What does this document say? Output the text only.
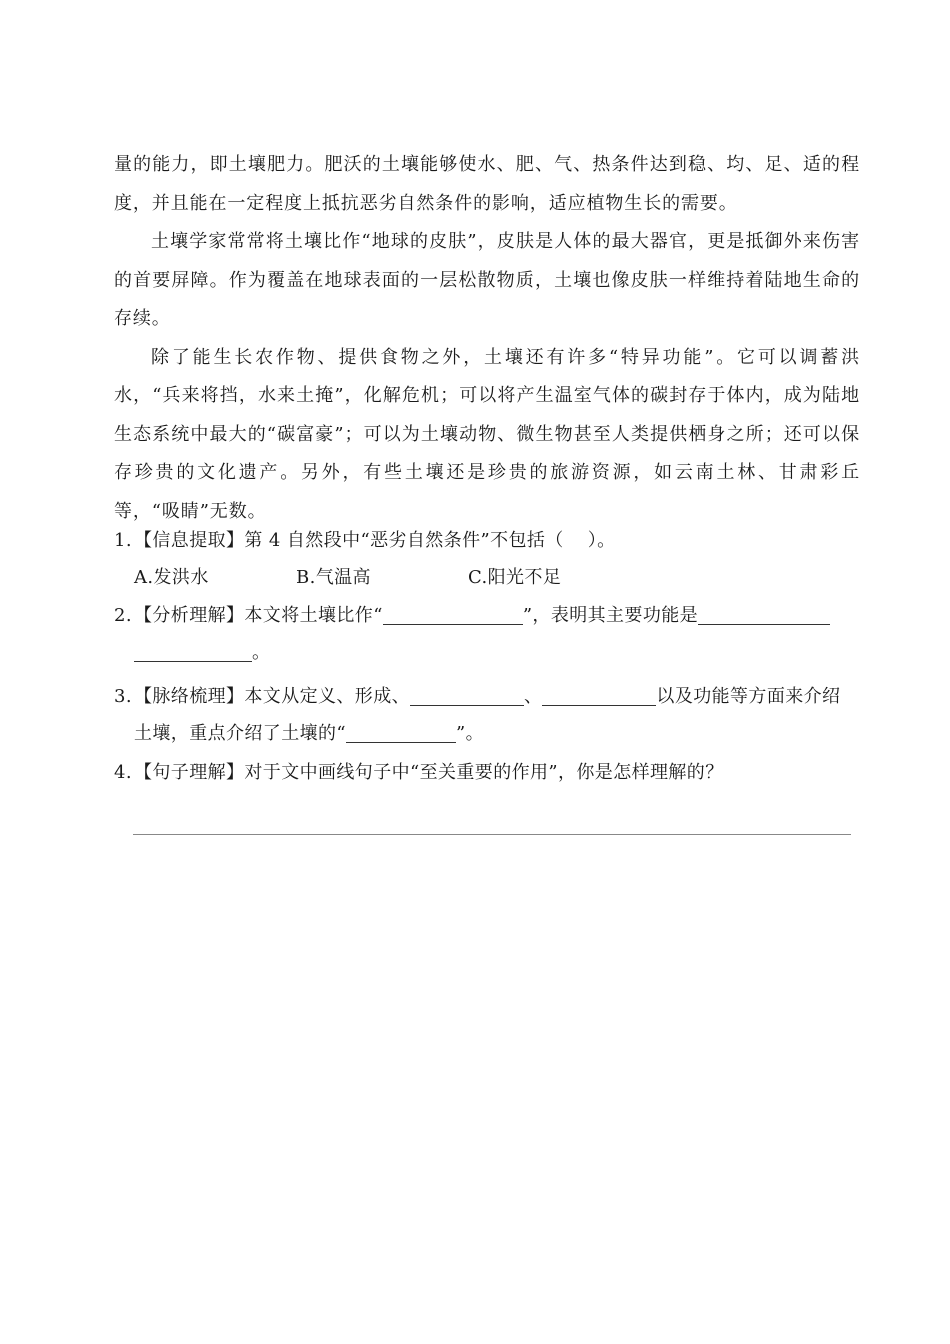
量的能力，即土壤肥力。肥沃的土壤能够使水、肥、气、热条件达到稳、均、足、适的程度，并且能在一定程度上抵抗恶劣自然条件的影响，适应植物生长的需要。

土壤学家常常将土壤比作“地球的皮肤”，皮肤是人体的最大器官，更是抵御外来伤害的首要屏障。作为覆盖在地球表面的一层松散物质，土壤也像皮肤一样维持着陆地生命的存续。

除了能生长农作物、提供食物之外，土壤还有许多“特异功能”。它可以调蓄洪水，“兵来将挡，水来土掩”，化解危机；可以将产生温室气体的碳封存于体内，成为陆地生态系统中最大的“碳富豪”；可以为土壤动物、微生物甚至人类提供栖身之所；还可以保存珍贵的文化遗产。另外，有些土壤还是珍贵的旅游资源，如云南土林、甘肃彩丘等，“吸睛”无数。

1. 【信息提取】第 4 自然段中“恶劣自然条件”不包括（ ）。
A.发洪水	B.气温高	C.阳光不足
2. 【分析理解】本文将土壤比作“	”，表明其主要功能是
。
3. 【脉络梳理】本文从定义、形成、	、	以及功能等方面来介绍
土壤，重点介绍了土壤的“	”。
4. 【句子理解】对于文中画线句子中“至关重要的作用”，你是怎样理解的？
